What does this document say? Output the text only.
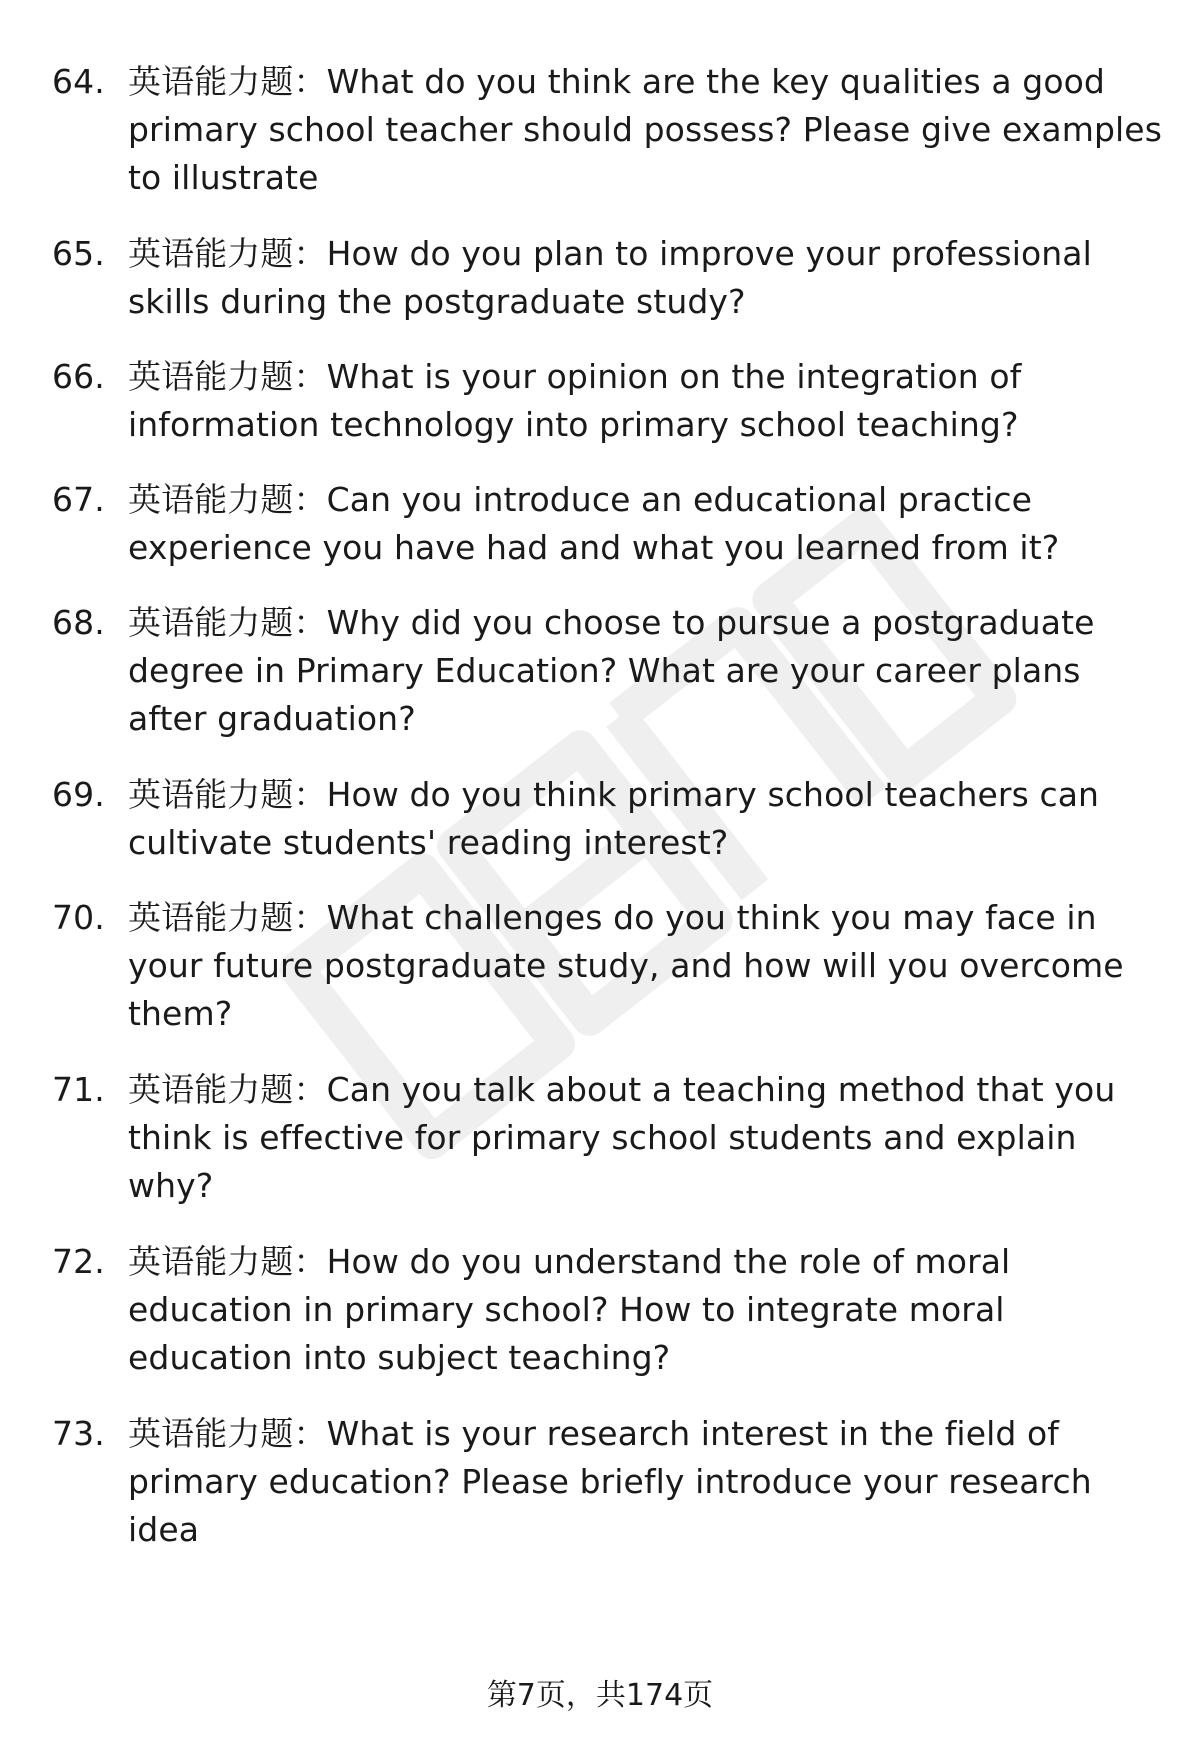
64. 英语能力题：What do you think are the key qualities a good primary school teacher should possess? Please give examples to illustrate
65. 英语能力题：How do you plan to improve your professional skills during the postgraduate study?
66. 英语能力题：What is your opinion on the integration of information technology into primary school teaching?
67. 英语能力题：Can you introduce an educational practice experience you have had and what you learned from it?
68. 英语能力题：Why did you choose to pursue a postgraduate degree in Primary Education? What are your career plans after graduation?
69. 英语能力题：How do you think primary school teachers can cultivate students' reading interest?
70. 英语能力题：What challenges do you think you may face in your future postgraduate study, and how will you overcome them?
71. 英语能力题：Can you talk about a teaching method that you think is effective for primary school students and explain why?
72. 英语能力题：How do you understand the role of moral education in primary school? How to integrate moral education into subject teaching?
73. 英语能力题：What is your research interest in the field of primary education? Please briefly introduce your research idea
第7页，共174页
